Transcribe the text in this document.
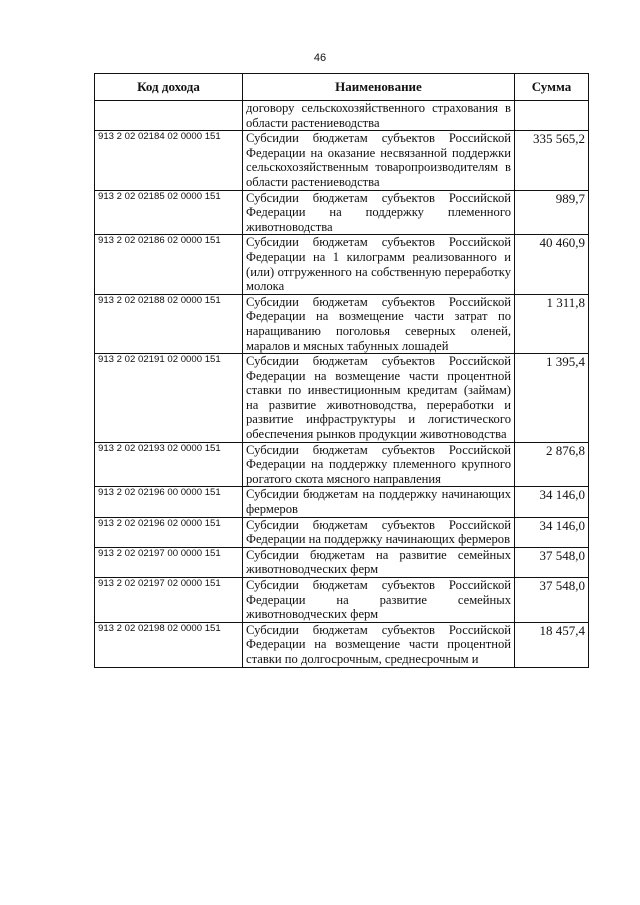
46
Код дохода	Наименование	Сумма
	договору сельскохозяйственного страхования в области растениеводства	
913 2 02 02184 02 0000 151	Субсидии бюджетам субъектов Российской Федерации на оказание несвязанной поддержки сельскохозяйственным товаропроизводителям в области растениеводства	335 565,2
913 2 02 02185 02 0000 151	Субсидии бюджетам субъектов Российской Федерации на поддержку племенного животноводства	989,7
913 2 02 02186 02 0000 151	Субсидии бюджетам субъектов Российской Федерации на 1 килограмм реализованного и (или) отгруженного на собственную переработку молока	40 460,9
913 2 02 02188 02 0000 151	Субсидии бюджетам субъектов Российской Федерации на возмещение части затрат по наращиванию поголовья северных оленей, маралов и мясных табунных лошадей	1 311,8
913 2 02 02191 02 0000 151	Субсидии бюджетам субъектов Российской Федерации на возмещение части процентной ставки по инвестиционным кредитам (займам) на развитие животноводства, переработки и развитие инфраструктуры и логистического обеспечения рынков продукции животноводства	1 395,4
913 2 02 02193 02 0000 151	Субсидии бюджетам субъектов Российской Федерации на поддержку племенного крупного рогатого скота мясного направления	2 876,8
913 2 02 02196 00 0000 151	Субсидии бюджетам на поддержку начинающих фермеров	34 146,0
913 2 02 02196 02 0000 151	Субсидии бюджетам субъектов Российской Федерации на поддержку начинающих фермеров	34 146,0
913 2 02 02197 00 0000 151	Субсидии бюджетам на развитие семейных животноводческих ферм	37 548,0
913 2 02 02197 02 0000 151	Субсидии бюджетам субъектов Российской Федерации на развитие семейных животноводческих ферм	37 548,0
913 2 02 02198 02 0000 151	Субсидии бюджетам субъектов Российской Федерации на возмещение части процентной ставки по долгосрочным, среднесрочным и	18 457,4
